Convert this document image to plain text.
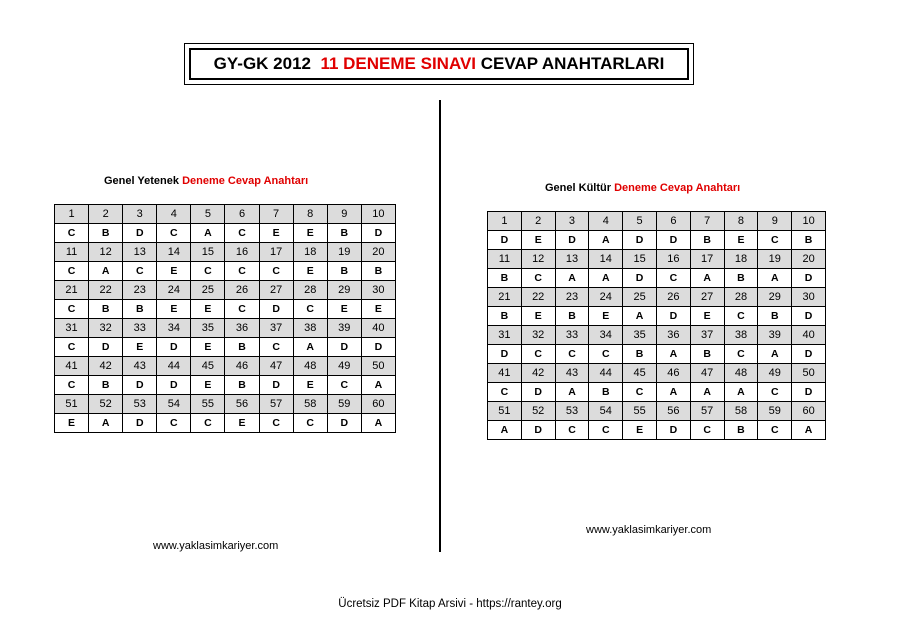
GY-GK 2012
11 DENEME SINAVI
CEVAP ANAHTARLARI
Genel Yetenek Deneme Cevap Anahtarı
1	2	3	4	5	6	7	8	9	10
C	B	D	C	A	C	E	E	B	D
11	12	13	14	15	16	17	18	19	20
C	A	C	E	C	C	C	E	B	B
21	22	23	24	25	26	27	28	29	30
C	B	B	E	E	C	D	C	E	E
31	32	33	34	35	36	37	38	39	40
C	D	E	D	E	B	C	A	D	D
41	42	43	44	45	46	47	48	49	50
C	B	D	D	E	B	D	E	C	A
51	52	53	54	55	56	57	58	59	60
E	A	D	C	C	E	C	C	D	A
Genel Kültür Deneme Cevap Anahtarı
1	2	3	4	5	6	7	8	9	10
D	E	D	A	D	D	B	E	C	B
11	12	13	14	15	16	17	18	19	20
B	C	A	A	D	C	A	B	A	D
21	22	23	24	25	26	27	28	29	30
B	E	B	E	A	D	E	C	B	D
31	32	33	34	35	36	37	38	39	40
D	C	C	C	B	A	B	C	A	D
41	42	43	44	45	46	47	48	49	50
C	D	A	B	C	A	A	A	C	D
51	52	53	54	55	56	57	58	59	60
A	D	C	C	E	D	C	B	C	A
www.yaklasimkariyer.com
www.yaklasimkariyer.com
Ücretsiz PDF Kitap Arsivi - https://rantey.org
